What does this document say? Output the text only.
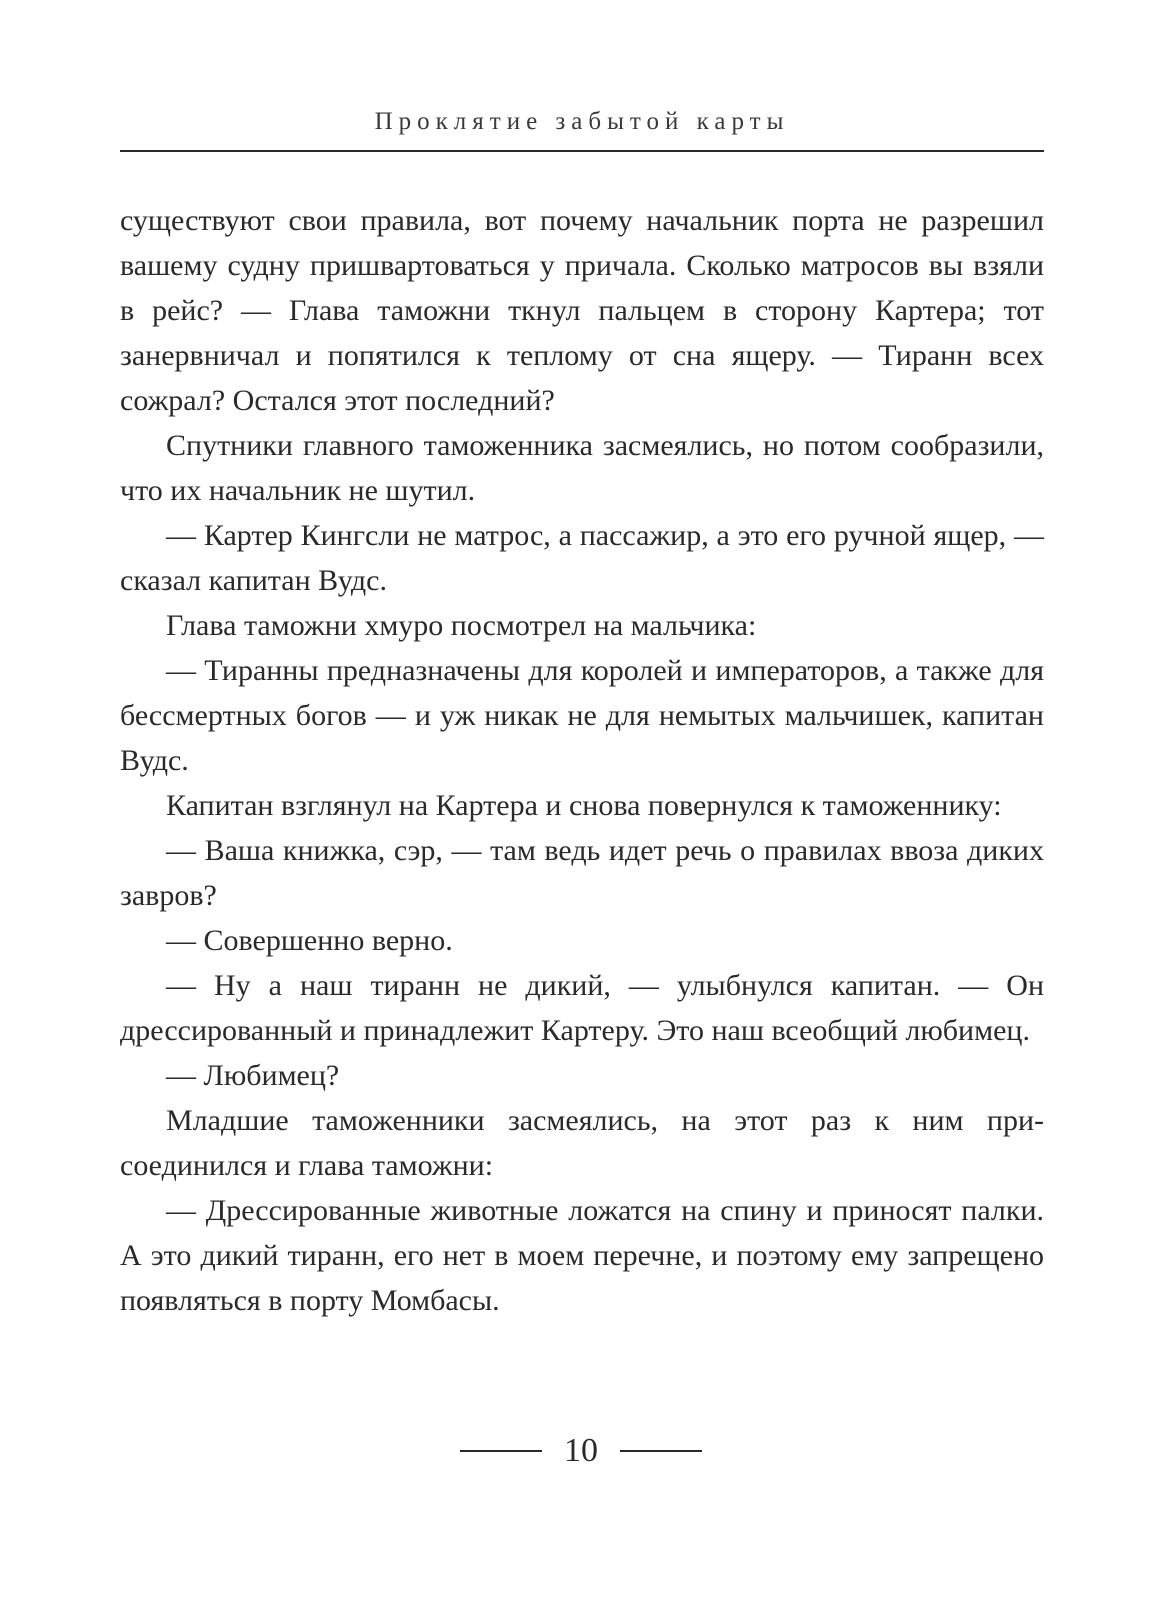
Проклятие забытой карты

существуют свои правила, вот почему начальник порта не разрешил вашему судну пришвартоваться у причала. Сколько матросов вы взяли в рейс? — Глава таможни ткнул пальцем в сторону Картера; тот занервничал и попятился к теплому от сна ящеру. — Тиранн всех сожрал? Остался этот последний?

Спутники главного таможенника засмеялись, но потом сообразили, что их начальник не шутил.

— Картер Кингсли не матрос, а пассажир, а это его ручной ящер, — сказал капитан Вудс.

Глава таможни хмуро посмотрел на мальчика:

— Тиранны предназначены для королей и императоров, а также для бессмертных богов — и уж никак не для немытых мальчишек, капитан Вудс.

Капитан взглянул на Картера и снова повернулся к таможеннику:

— Ваша книжка, сэр, — там ведь идет речь о правилах ввоза диких завров?

— Совершенно верно.

— Ну а наш тиранн не дикий, — улыбнулся капитан. — Он дрессированный и принадлежит Картеру. Это наш всеобщий любимец.

— Любимец?

Младшие таможенники засмеялись, на этот раз к ним присоединился и глава таможни:

— Дрессированные животные ложатся на спину и приносят палки. А это дикий тиранн, его нет в моем перечне, и поэтому ему запрещено появляться в порту Момбасы.

10
